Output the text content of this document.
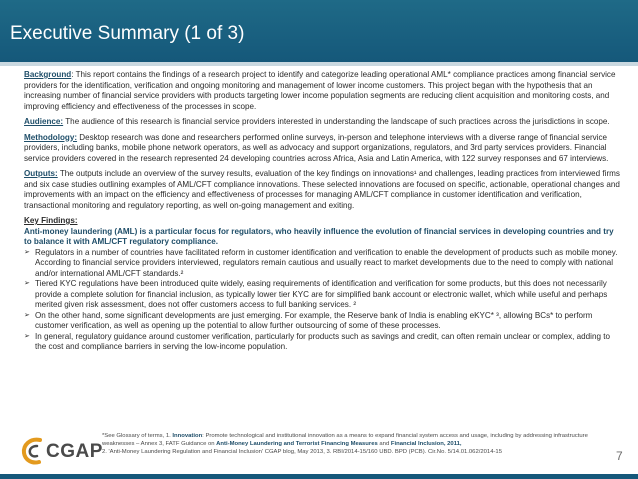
Executive Summary (1 of 3)

Background: This report contains the findings of a research project to identify and categorize leading operational AML* compliance practices among financial service providers for the identification, verification and ongoing monitoring and management of lower income customers. This project began with the hypothesis that an increasing number of financial service providers with products targeting lower income population segments are reducing client acquisition and monitoring costs, and improving efficiency and effectiveness of the processes in scope.

Audience: The audience of this research is financial service providers interested in understanding the landscape of such practices across the jurisdictions in scope.

Methodology: Desktop research was done and researchers performed online surveys, in-person and telephone interviews with a diverse range of financial service providers, including banks, mobile phone network operators, as well as advocacy and support organizations, regulators, and 3rd party services providers. Financial service providers covered in the research represented 24 developing countries across Africa, Asia and Latin America, with 122 survey responses and 67 interviews.

Outputs: The outputs include an overview of the survey results, evaluation of the key findings on innovations¹ and challenges, leading practices from interviewed firms and six case studies outlining examples of AML/CFT compliance innovations. These selected innovations are focused on specific, actionable, operational changes and improvements with an impact on the efficiency and effectiveness of processes for managing AML/CFT compliance in customer identification and verification, transactional monitoring and regulatory reporting, as well on-going management and exiting.

Key Findings:

Anti-money laundering (AML) is a particular focus for regulators, who heavily influence the evolution of financial services in developing countries and try to balance it with AML/CFT regulatory compliance.

➢ Regulators in a number of countries have facilitated reform in customer identification and verification to enable the development of products such as mobile money. According to financial service providers interviewed, regulators remain cautious and usually react to market developments due to the need to comply with national and/or international AML/CFT standards.²

➢ Tiered KYC regulations have been introduced quite widely, easing requirements of identification and verification for some products, but this does not necessarily provide a complete solution for financial inclusion, as typically lower tier KYC are for simplified bank account or electronic wallet, which while useful and perhaps merited given risk assessment, does not offer customers access to full banking services. ²

➢ On the other hand, some significant developments are just emerging. For example, the Reserve bank of India is enabling eKYC* ³, allowing BCs* to perform customer verification, as well as opening up the potential to allow further outsourcing of some of these processes.

➢ In general, regulatory guidance around customer verification, particularly for products such as savings and credit, can often remain unclear or complex, adding to the cost and compliance barriers in serving the low-income population.

CGAP
*See Glossary of terms, 1. Innovation: Promote technological and institutional innovation as a means to expand financial system access and usage, including by addressing infrastructure weaknesses – Annex 3, FATF Guidance on Anti-Money Laundering and Terrorist Financing Measures and Financial Inclusion, 2011,
2. 'Anti-Money Laundering Regulation and Financial Inclusion' CGAP blog, May 2013, 3. RBI/2014-15/160 UBD. BPD (PCB). Cir.No. 5/14.01.062/2014-15	7
